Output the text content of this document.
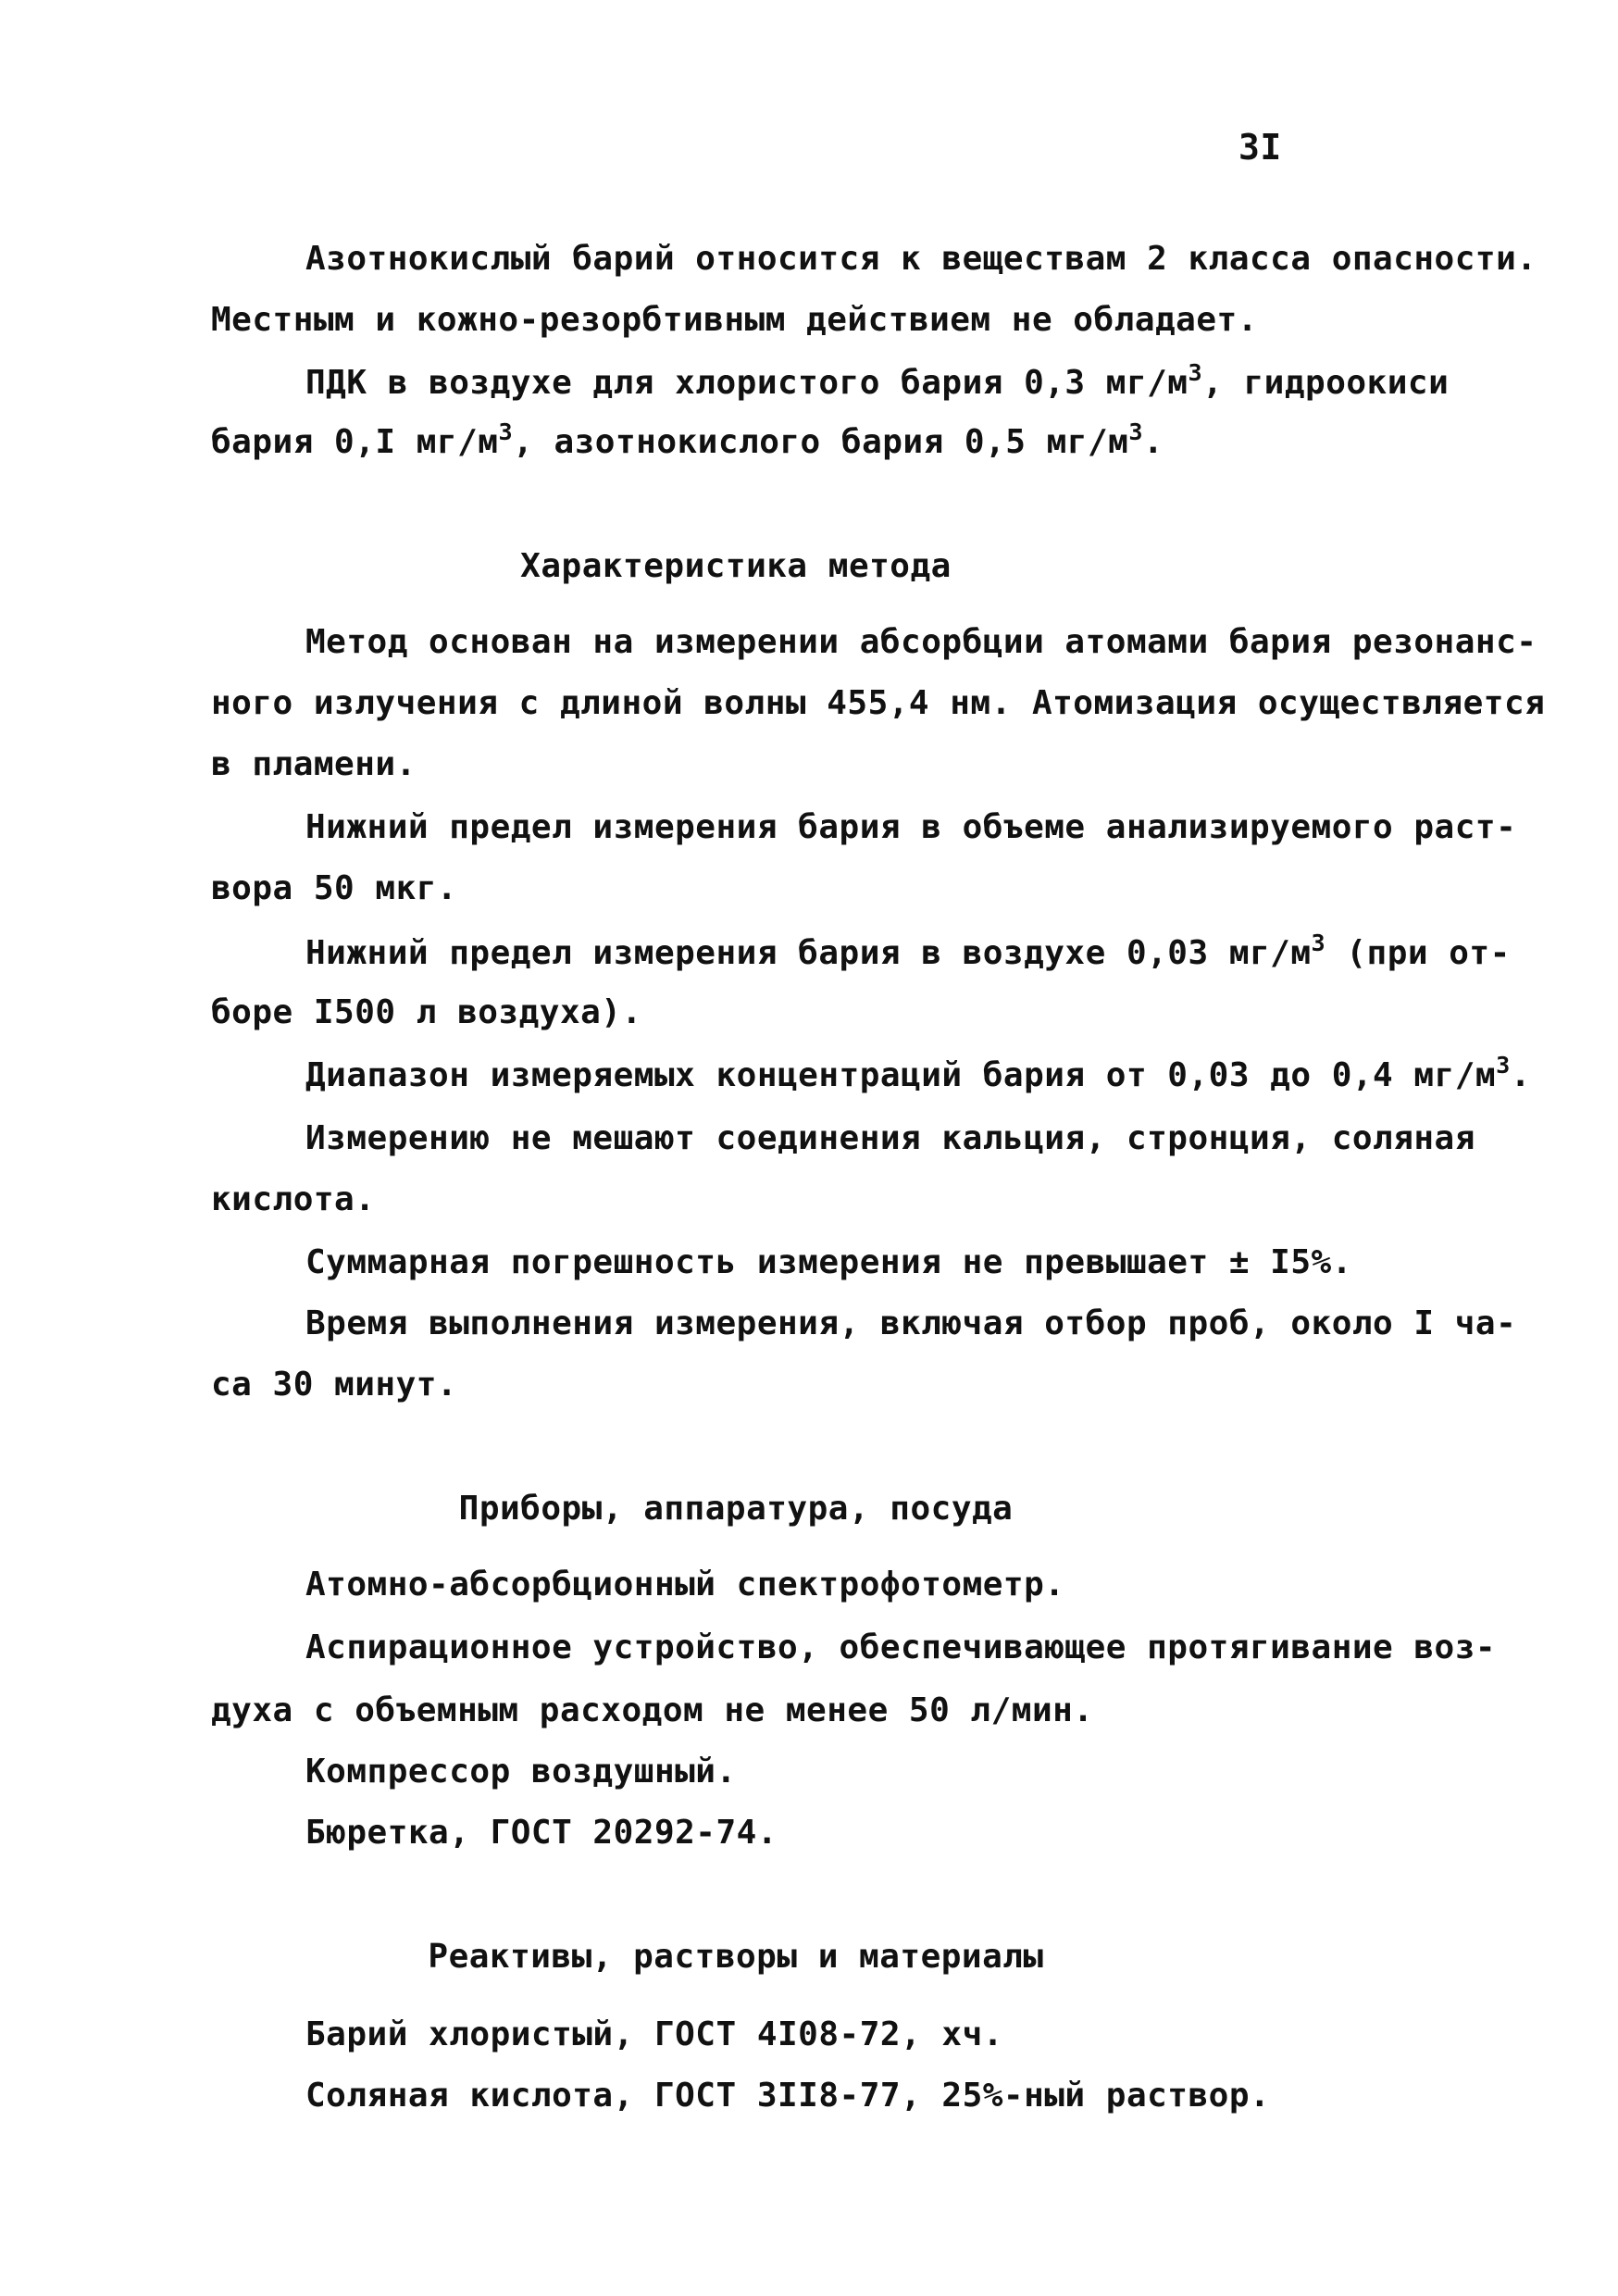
3I
Азотнокислый барий относится к веществам 2 класса опасности.
Местным и кожно-резорбтивным действием не обладает.
ПДК в воздухе для хлористого бария 0,3 $мг/м^3$, гидроокиси
бария 0,I $мг/м^3$, азотнокислого бария 0,5 $мг/м^3$.
Характеристика метода
Метод основан на измерении абсорбции атомами бария резонанс-
ного излучения с длиной волны 455,4 нм. Атомизация осуществляется
в пламени.
Нижний предел измерения бария в объеме анализируемого раст-
вора 50 мкг.
Нижний предел измерения бария в воздухе 0,03 $мг/м^3$ (при от-
боре I500 л воздуха).
Диапазон измеряемых концентраций бария от 0,03 до 0,4 $мг/м^3$.
Измерению не мешают соединения кальция, стронция, соляная
кислота.
Суммарная погрешность измерения не превышает ± I5%.
Время выполнения измерения, включая отбор проб, около I ча-
са 30 минут.
Приборы, аппаратура, посуда
Атомно-абсорбционный спектрофотометр.
Аспирационное устройство, обеспечивающее протягивание воз-
духа с объемным расходом не менее 50 л/мин.
Компрессор воздушный.
Бюретка, ГОСТ 20292-74.
Реактивы, растворы и материалы
Барий хлористый, ГОСТ 4I08-72, хч.
Соляная кислота, ГОСТ 3II8-77, 25%-ный раствор.
